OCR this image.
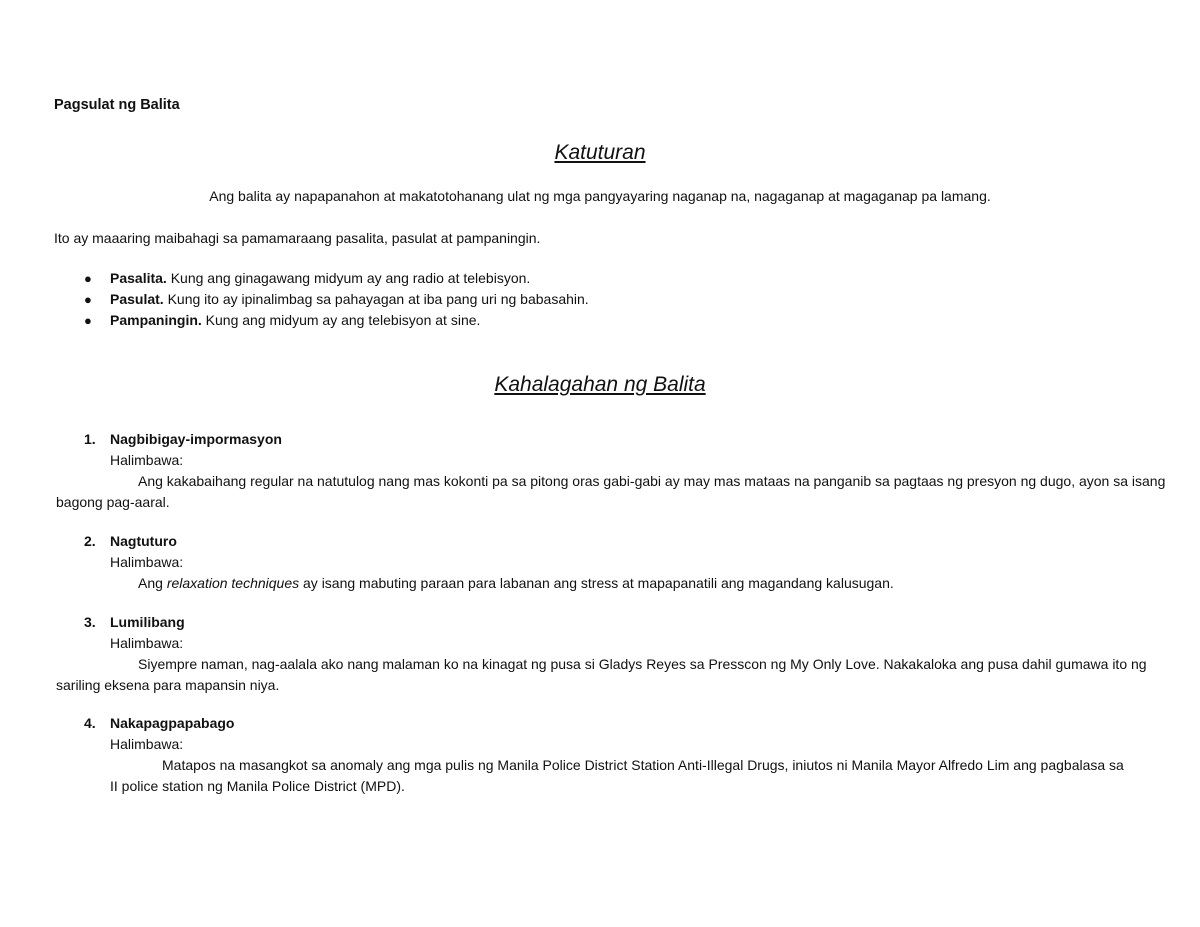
Pagsulat ng Balita
Katuturan
Ang balita ay napapanahon at makatotohanang ulat ng mga pangyayaring naganap na, nagaganap at magaganap pa lamang.
Ito ay maaaring maibahagi sa pamamaraang pasalita, pasulat at pampaningin.
● Pasalita. Kung ang ginagawang midyum ay ang radio at telebisyon.
● Pasulat. Kung ito ay ipinalimbag sa pahayagan at iba pang uri ng babasahin.
● Pampaningin. Kung ang midyum ay ang telebisyon at sine.
Kahalagahan ng Balita
1. Nagbibigay-impormasyon
Halimbawa:
Ang kakabaihang regular na natutulog nang mas kokonti pa sa pitong oras gabi-gabi ay may mas mataas na panganib sa pagtaas ng presyon ng dugo, ayon sa isang bagong pag-aaral.
2. Nagtuturo
Halimbawa:
Ang relaxation techniques ay isang mabuting paraan para labanan ang stress at mapapanatili ang magandang kalusugan.
3. Lumilibang
Halimbawa:
Siyempre naman, nag-aalala ako nang malaman ko na kinagat ng pusa si Gladys Reyes sa Presscon ng My Only Love. Nakakaloka ang pusa dahil gumawa ito ng sariling eksena para mapansin niya.
4. Nakapagpapabago
Halimbawa:
Matapos na masangkot sa anomaly ang mga pulis ng Manila Police District Station Anti-Illegal Drugs, iniutos ni Manila Mayor Alfredo Lim ang pagbalasa sa II police station ng Manila Police District (MPD).
